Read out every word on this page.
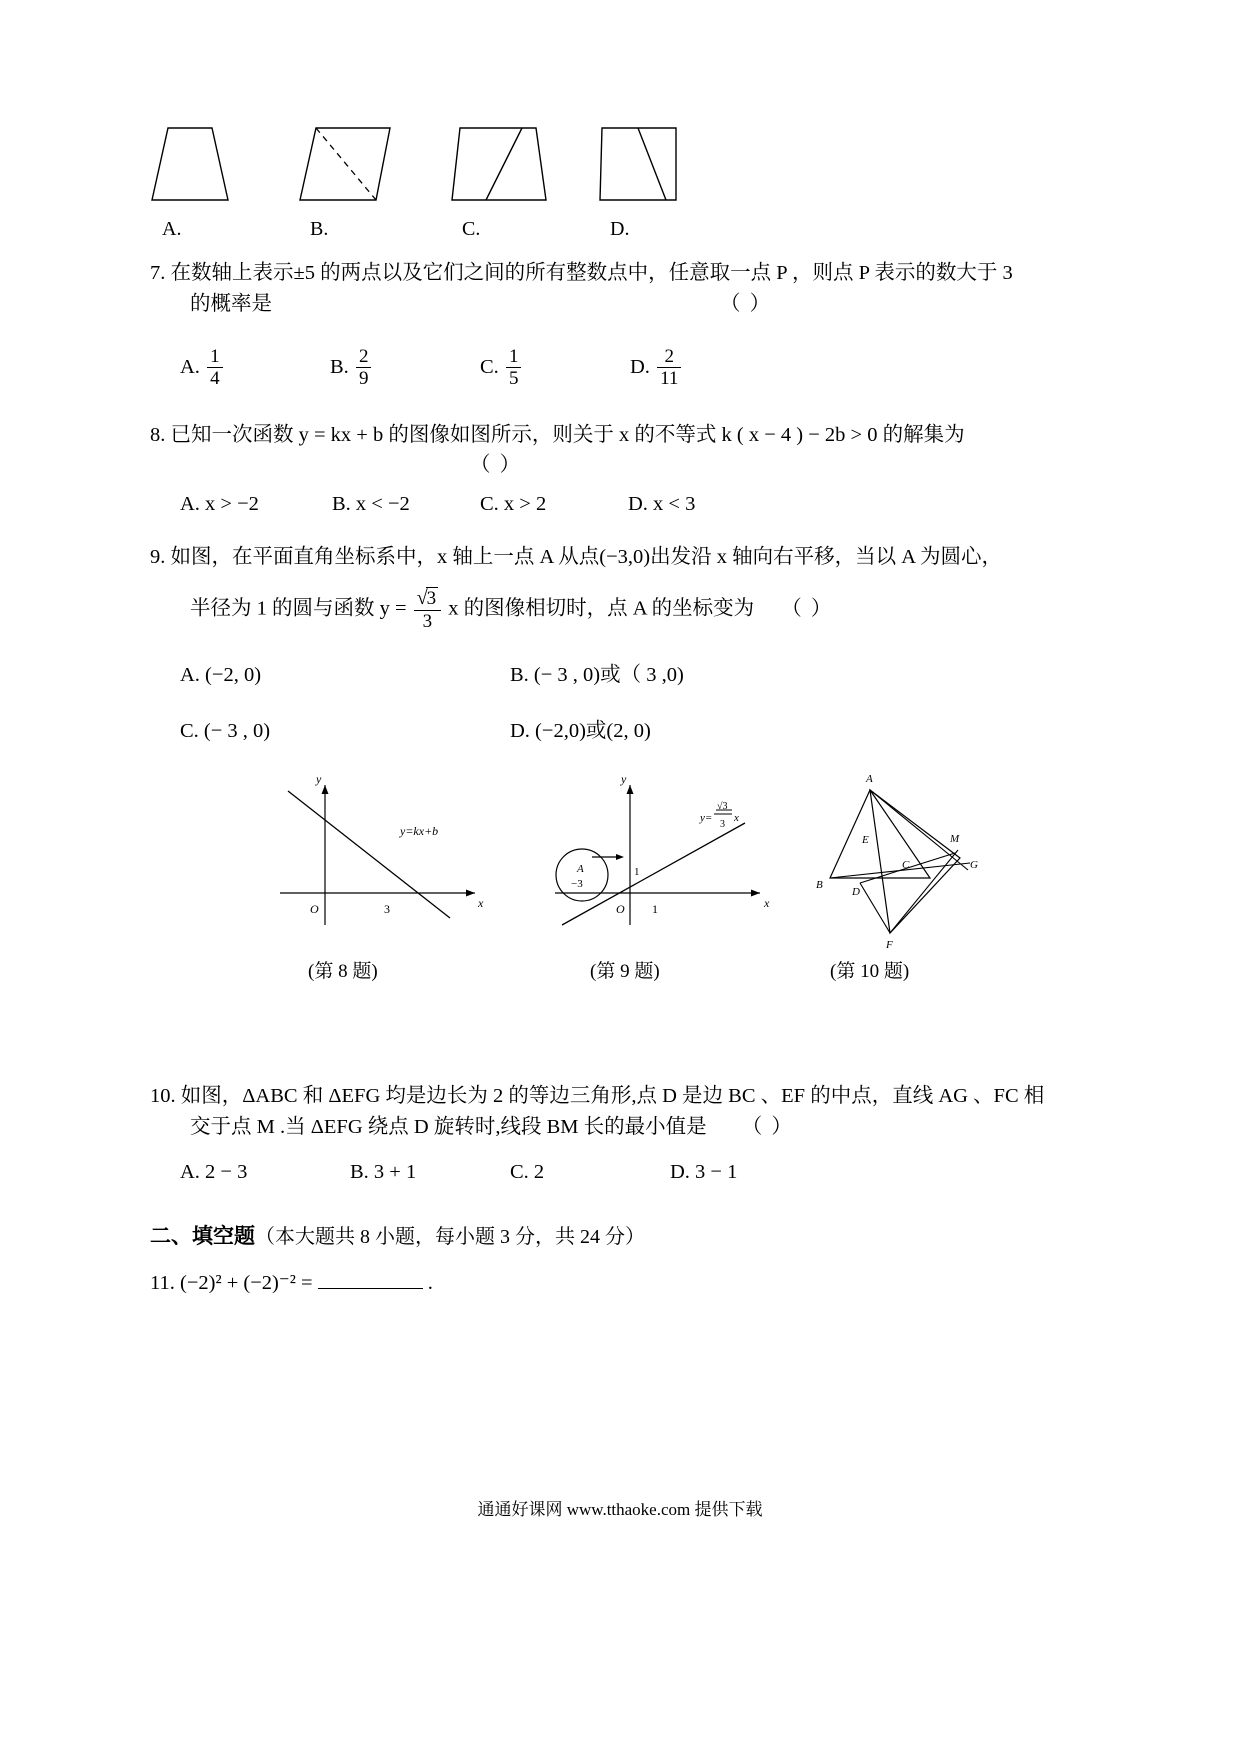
A.	B.	C.	D.
7. 在数轴上表示±5 的两点以及它们之间的所有整数点中，任意取一点 P ，则点 P 表示的数大于 3
的概率是	（ ）
A. $\frac{1}{4}$	B. $\frac{2}{9}$	C. $\frac{1}{5}$	D. $\frac{2}{11}$
8. 已知一次函数 y = kx + b 的图像如图所示，则关于 x 的不等式 k ( x − 4 ) − 2b > 0 的解集为
（ ）
A. x > −2	B. x < −2	C. x > 2	D. x < 3
9. 如图，在平面直角坐标系中，x 轴上一点 A 从点(−3,0)出发沿 x 轴向右平移，当以 A 为圆心，
半径为 1 的圆与函数 $y = \frac{√3}{3}$ x 的图像相切时，点 A 的坐标变为 （ ）
A. (−2, 0)	B. (− 3 , 0)或（ 3 ,0)
C. (− 3 , 0)	D. (−2,0)或(2, 0)
y
x
O	3
y=kx+b
(第 8 题)
A
−3
y
x
O 1
1
y=
√3
3
x
(第 9 题)
A
B
C
D
E
F
G
M
(第 10 题)
10. 如图，ΔABC 和 ΔEFG 均是边长为 2 的等边三角形,点 D 是边 BC 、EF 的中点，直线 AG 、FC 相
交于点 M .当 ΔEFG 绕点 D 旋转时,线段 BM 长的最小值是 （ ）
A. 2 − 3	B. 3 + 1	C. 2	D. 3 − 1
二、填空题（本大题共 8 小题，每小题 3 分，共 24 分）
11. (−2)² + (−2)⁻² =	.
通通好课网 www.tthaoke.com 提供下载
